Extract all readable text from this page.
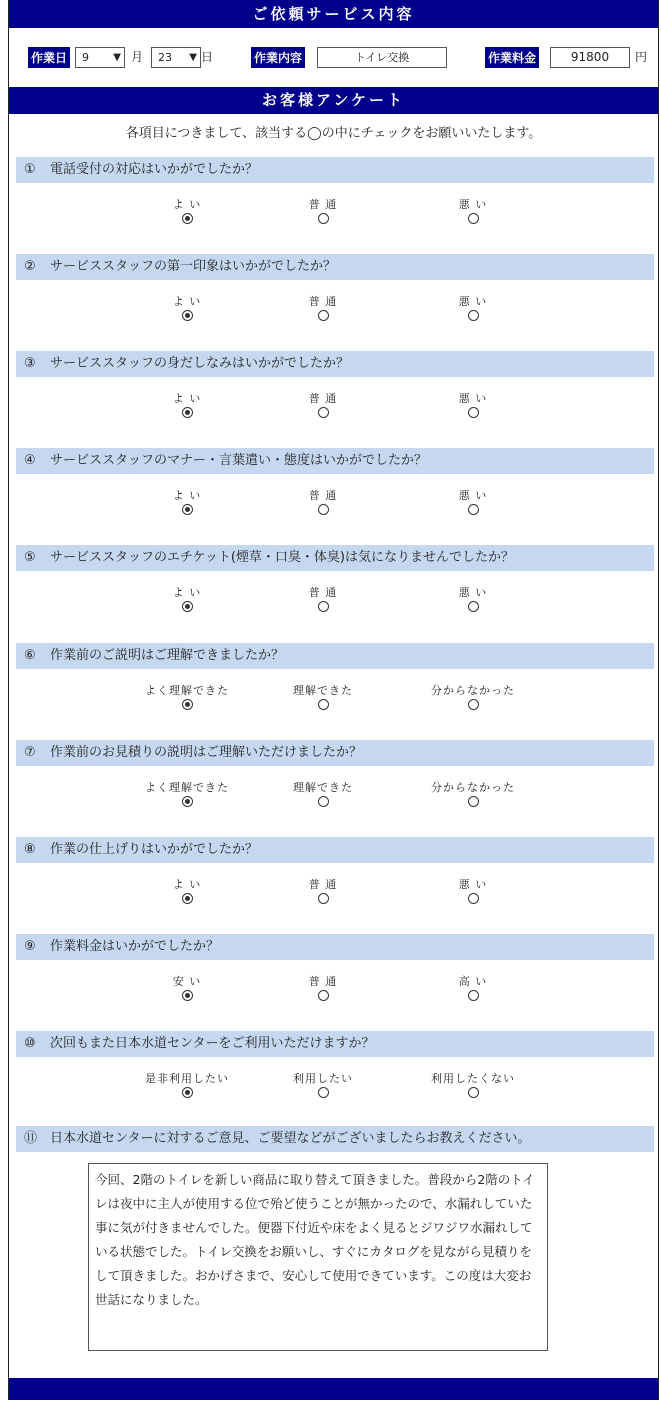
ご依頼サービス内容
作業日	9 ▼ 月	23 ▼ 日	作業内容	トイレ交換	作業料金	91800	円
お客様アンケート
各項目につきまして、該当する◯の中にチェックをお願いいたします。
① 電話受付の対応はいかがでしたか？
よ い	普 通	悪 い
② サービススタッフの第一印象はいかがでしたか？
よ い	普 通	悪 い
③ サービススタッフの身だしなみはいかがでしたか？
よ い	普 通	悪 い
④ サービススタッフのマナー・言葉遣い・態度はいかがでしたか？
よ い	普 通	悪 い
⑤ サービススタッフのエチケット(煙草・口臭・体臭)は気になりませんでしたか？
よ い	普 通	悪 い
⑥ 作業前のご説明はご理解できましたか？
よく理解できた	理解できた	分からなかった
⑦ 作業前のお見積りの説明はご理解いただけましたか？
よく理解できた	理解できた	分からなかった
⑧ 作業の仕上げりはいかがでしたか？
よ い	普 通	悪 い
⑨ 作業料金はいかがでしたか？
安 い	普 通	高 い
⑩ 次回もまた日本水道センターをご利用いただけますか？
是非利用したい	利用したい	利用したくない
⑪ 日本水道センターに対するご意見、ご要望などがございましたらお教えください。
今回、2階のトイレを新しい商品に取り替えて頂きました。普段から2階のトイレは夜中に主人が使用する位で殆ど使うことが無かったので、水漏れしていた事に気が付きませんでした。便器下付近や床をよく見るとジワジワ水漏れしている状態でした。トイレ交換をお願いし、すぐにカタログを見ながら見積りをして頂きました。おかげさまで、安心して使用できています。この度は大変お世話になりました。
